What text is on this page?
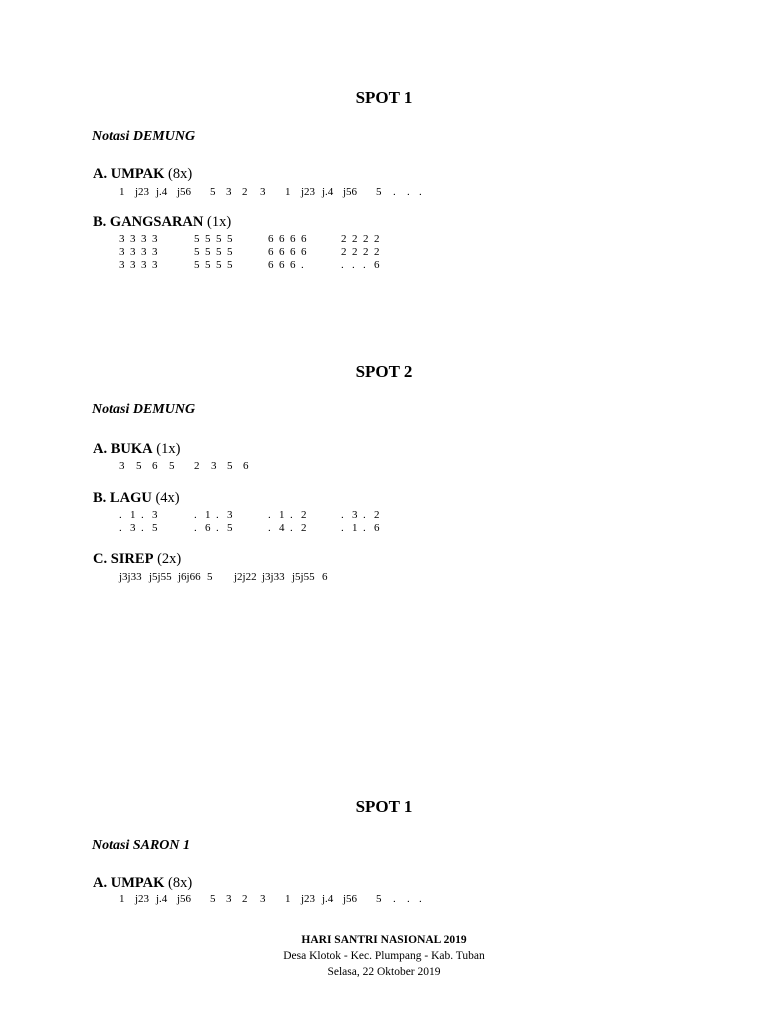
SPOT 1
Notasi DEMUNG
A. UMPAK (8x)
1 j23 j.4 j56 5 3 2 3 1 j23 j.4 j56 5 . . .
B. GANGSARAN (1x)
3 3 3 3	5 5 5 5	6 6 6 6	2 2 2 2
3 3 3 3	5 5 5 5	6 6 6 6	2 2 2 2
3 3 3 3	5 5 5 5	6 6 6 .	. . . 6
SPOT 2
Notasi DEMUNG
A. BUKA (1x)
3 5 6 5 2 3 5 6
B. LAGU (4x)
. 1 . 3	. 1 . 3	. 1 . 2	. 3 . 2
. 3 . 5	. 6 . 5	. 4 . 2	. 1 . 6
C. SIREP (2x)
j3j33 j5j55 j6j66 5 j2j22 j3j33 j5j55 6
SPOT 1
Notasi SARON 1
A. UMPAK (8x)
1 j23 j.4 j56 5 3 2 3 1 j23 j.4 j56 5 . . .
HARI SANTRI NASIONAL 2019
Desa Klotok - Kec. Plumpang - Kab. Tuban
Selasa, 22 Oktober 2019
